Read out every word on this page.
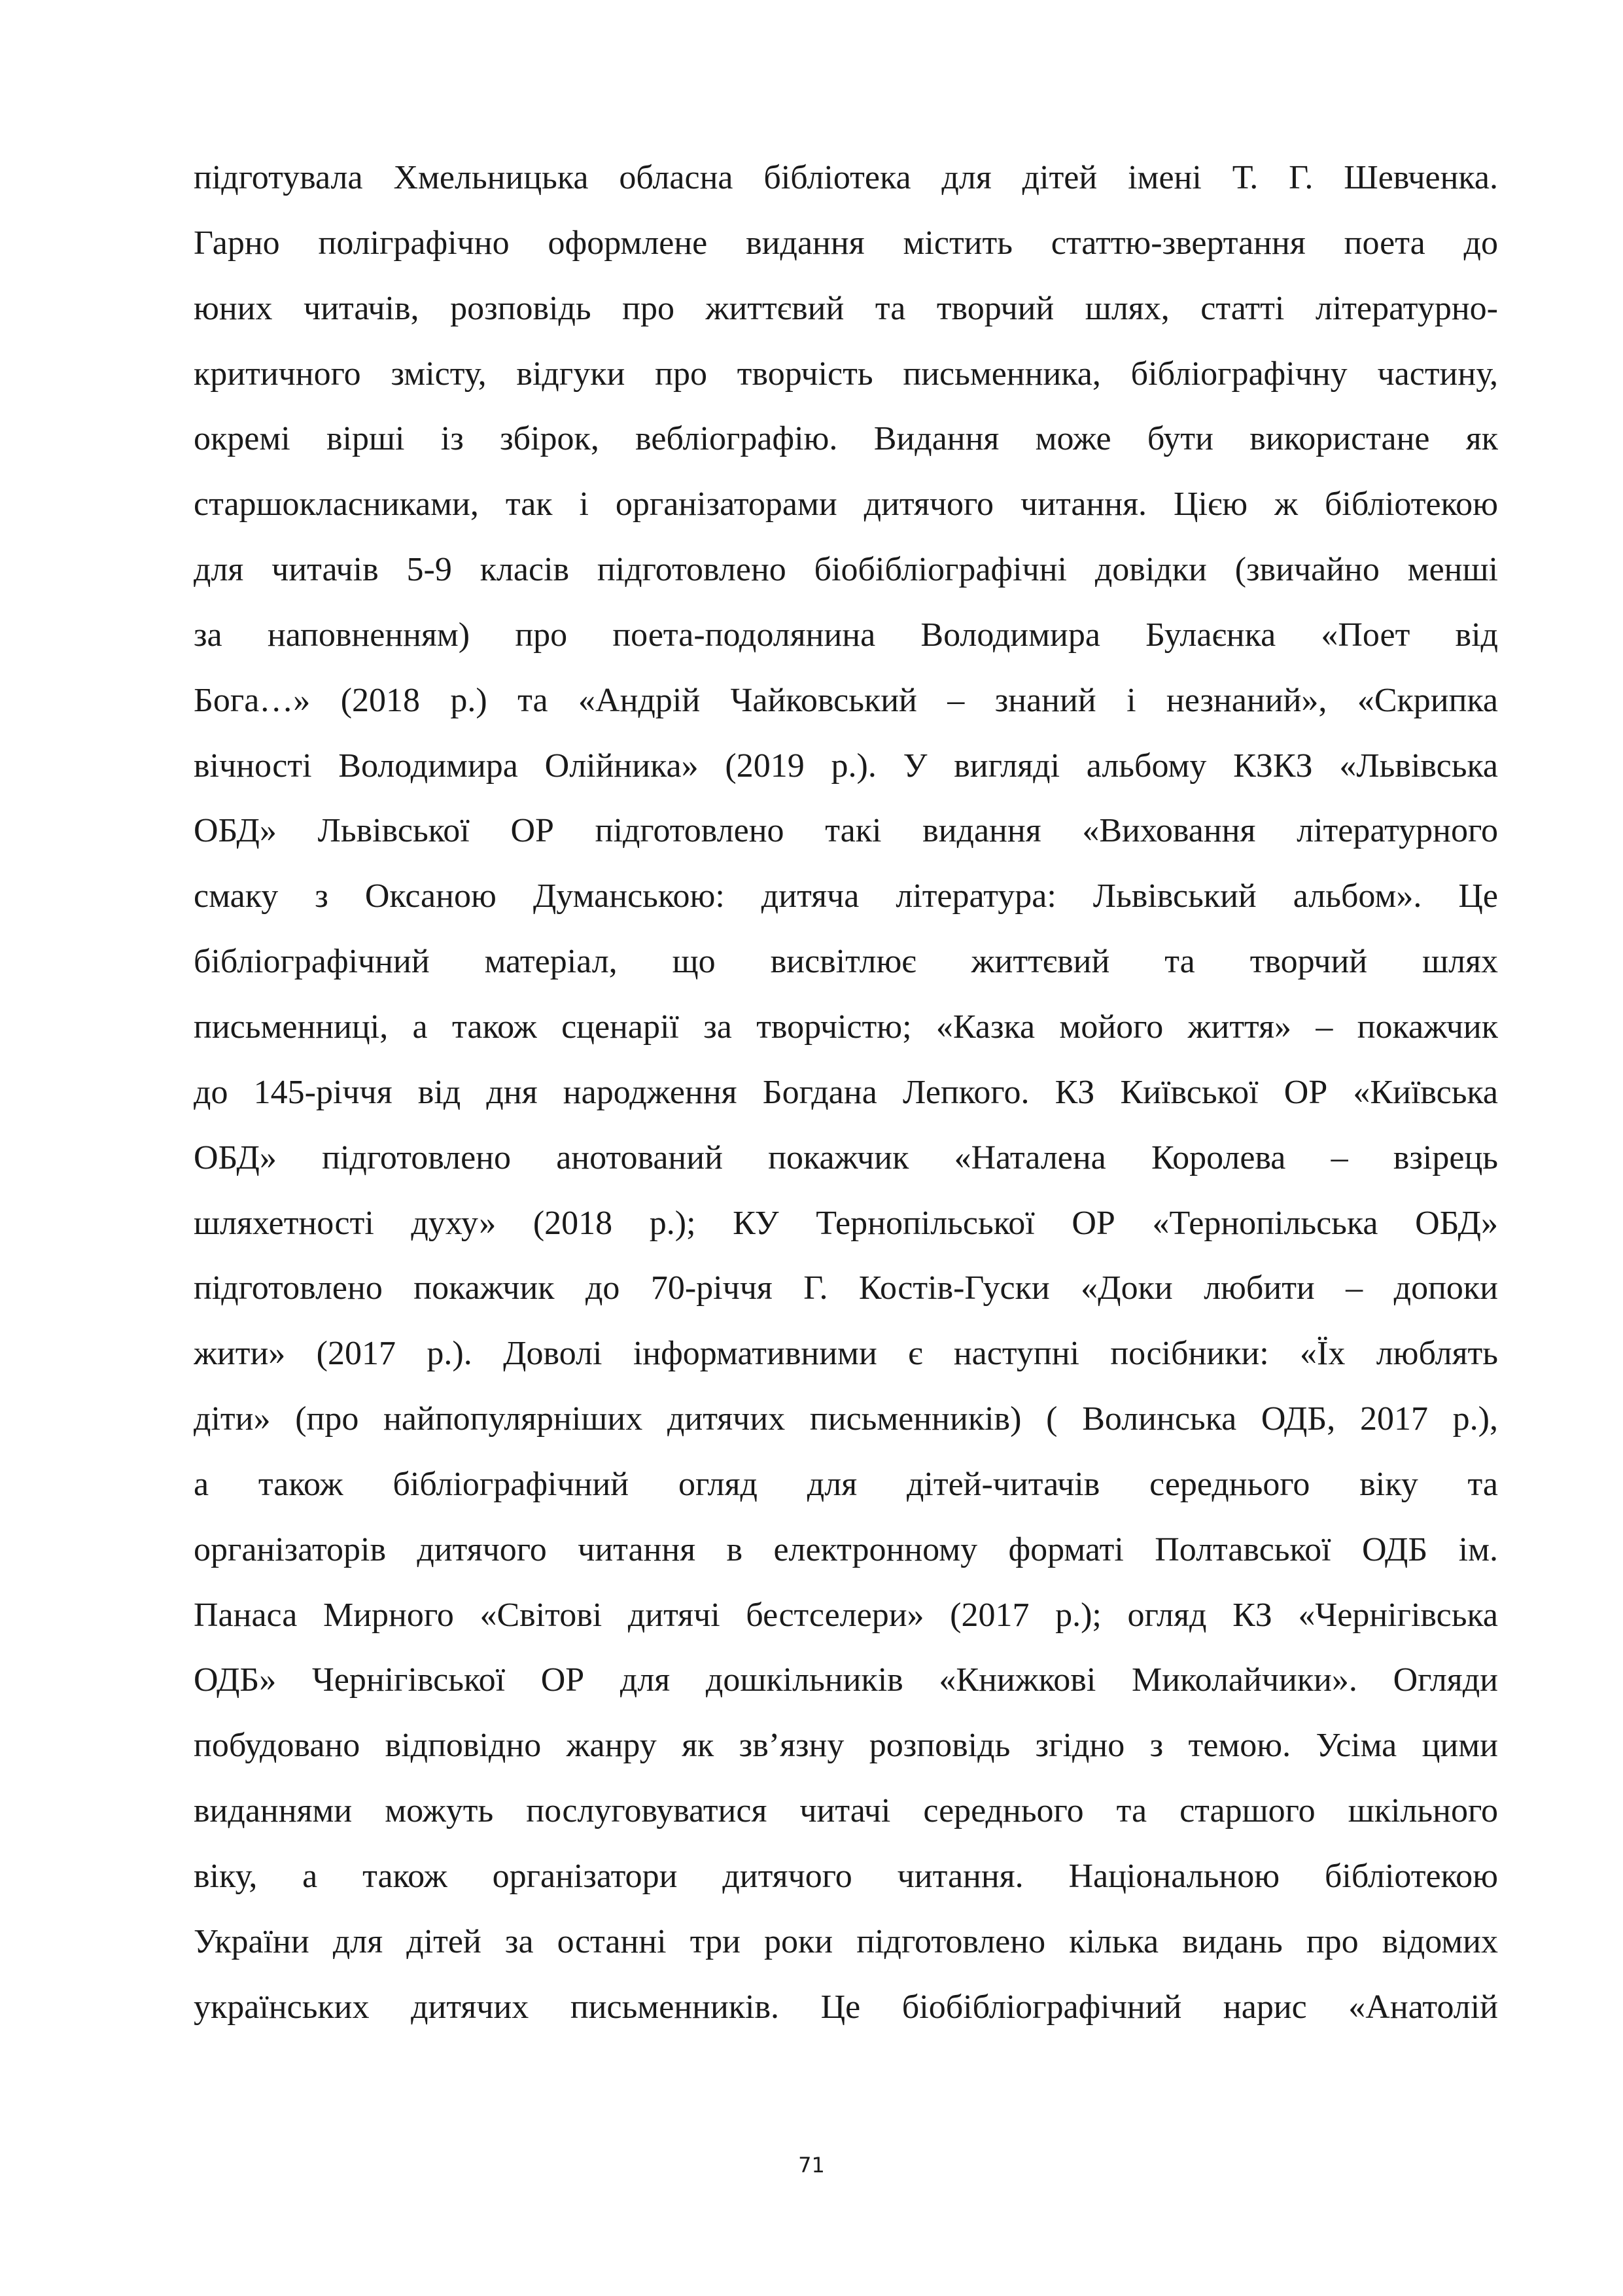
підготувала Хмельницька обласна бібліотека для дітей імені Т. Г. Шевченка.
Гарно поліграфічно оформлене видання містить статтю-звертання поета до
юних читачів, розповідь про життєвий та творчий шлях, статті літературно-
критичного змісту, відгуки про творчість письменника, бібліографічну частину,
окремі вірші із збірок, вебліографію. Видання може бути використане як
старшокласниками, так і організаторами дитячого читання. Цією ж бібліотекою
для читачів 5-9 класів підготовлено біобібліографічні довідки (звичайно менші
за наповненням) про поета-подолянина Володимира Булаєнка «Поет від
Бога…» (2018 р.) та «Андрій Чайковський – знаний і незнаний», «Скрипка
вічності Володимира Олійника» (2019 р.). У вигляді альбому КЗКЗ «Львівська
ОБД» Львівської ОР підготовлено такі видання «Виховання літературного
смаку з Оксаною Думанською: дитяча література: Львівський альбом». Це
бібліографічний матеріал, що висвітлює життєвий та творчий шлях
письменниці, а також сценарії за творчістю; «Казка мойого життя» – покажчик
до 145-річчя від дня народження Богдана Лепкого. КЗ Київської ОР «Київська
ОБД» підготовлено анотований покажчик «Наталена Королева – взірець
шляхетності духу» (2018 р.); КУ Тернопільської ОР «Тернопільська ОБД»
підготовлено покажчик до 70-річчя Г. Костів-Гуски «Доки любити – допоки
жити» (2017 р.). Доволі інформативними є наступні посібники: «Їх люблять
діти» (про найпопулярніших дитячих письменників) ( Волинська ОДБ, 2017 р.),
а також бібліографічний огляд для дітей-читачів середнього віку та
організаторів дитячого читання в електронному форматі Полтавської ОДБ ім.
Панаса Мирного «Світові дитячі бестселери» (2017 р.); огляд КЗ «Чернігівська
ОДБ» Чернігівської ОР для дошкільників «Книжкові Миколайчики». Огляди
побудовано відповідно жанру як зв’язну розповідь згідно з темою. Усіма цими
виданнями можуть послуговуватися читачі середнього та старшого шкільного
віку, а також організатори дитячого читання. Національною бібліотекою
України для дітей за останні три роки підготовлено кілька видань про відомих
українських дитячих письменників. Це біобібліографічний нарис «Анатолій
71
